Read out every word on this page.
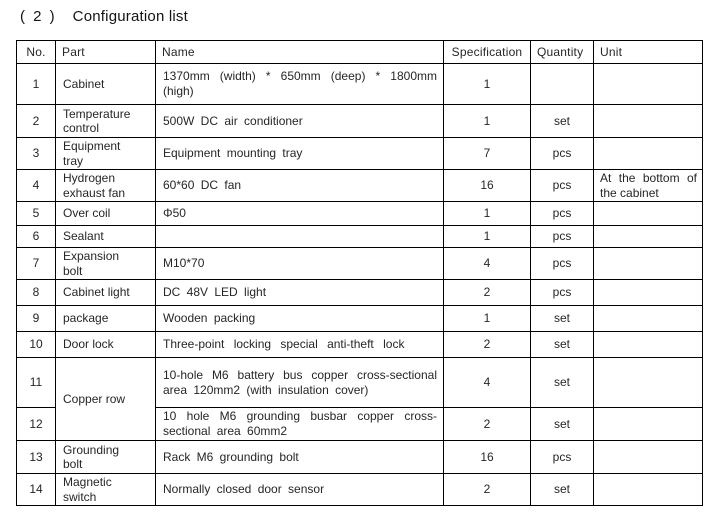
( 2 ) Configuration list
No.	Part	Name	Specification	Quantity	Unit
1	Cabinet	1370mm (width) * 650mm (deep) * 1800mm (high)	1		
2	Temperature control	500W DC air conditioner	1	set	
3	Equipment tray	Equipment mounting tray	7	pcs	
4	Hydrogen exhaust fan	60*60 DC fan	16	pcs	At the bottom of the cabinet
5	Over coil	Φ50	1	pcs	
6	Sealant		1	pcs	
7	Expansion bolt	M10*70	4	pcs	
8	Cabinet light	DC 48V LED light	2	pcs	
9	package	Wooden packing	1	set	
10	Door lock	Three-point locking special anti-theft lock	2	set	
11	Copper row	10-hole M6 battery bus copper cross-sectional area 120mm2 (with insulation cover)	4	set	
12		10 hole M6 grounding busbar copper cross-sectional area 60mm2	2	set	
13	Grounding bolt	Rack M6 grounding bolt	16	pcs	
14	Magnetic switch	Normally closed door sensor	2	set	
